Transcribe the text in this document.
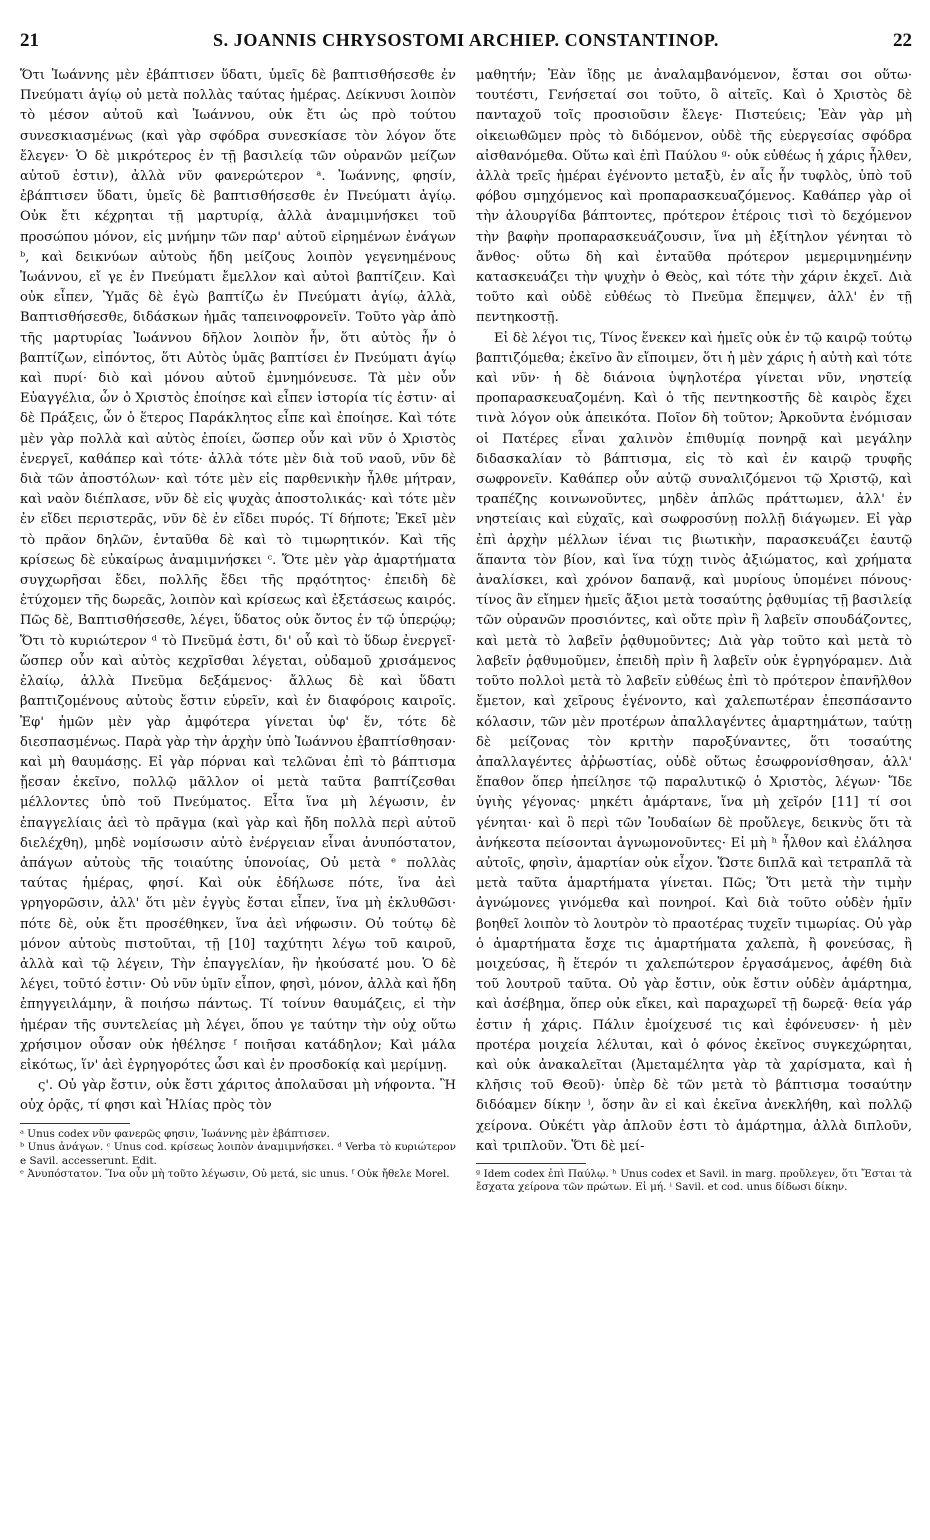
21	S. JOANNIS CHRYSOSTOMI ARCHIEP. CONSTANTINOP.	22

Ὅτι Ἰωάννης μὲν ἐβάπτισεν ὕδατι, ὑμεῖς δὲ βαπτισθήσεσθε ἐν Πνεύματι ἁγίῳ οὐ μετὰ πολλὰς ταύτας ἡμέρας. Δείκνυσι λοιπὸν τὸ μέσον αὐτοῦ καὶ Ἰωάννου, οὐκ ἔτι ὡς πρὸ τούτου συνεσκιασμένως (καὶ γὰρ σφόδρα συνεσκίασε τὸν λόγον ὅτε ἔλεγεν· Ὁ δὲ μικρότερος ἐν τῇ βασιλείᾳ τῶν οὐρανῶν μείζων αὐτοῦ ἐστιν), ἀλλὰ νῦν φανερώτερον ᵃ. Ἰωάννης, φησίν, ἐβάπτισεν ὕδατι, ὑμεῖς δὲ βαπτισθήσεσθε ἐν Πνεύματι ἁγίῳ. Οὐκ ἔτι κέχρηται τῇ μαρτυρίᾳ, ἀλλὰ ἀναμιμνήσκει τοῦ προσώπου μόνον, εἰς μνήμην τῶν παρ' αὐτοῦ εἰρημένων ἐνάγων ᵇ, καὶ δεικνύων αὐτοὺς ἤδη μείζους λοιπὸν γεγενημένους Ἰωάννου, εἴ γε ἐν Πνεύματι ἔμελλον καὶ αὐτοὶ βαπτίζειν. Καὶ οὐκ εἶπεν, Ὑμᾶς δὲ ἐγὼ βαπτίζω ἐν Πνεύματι ἁγίῳ, ἀλλὰ, Βαπτισθήσεσθε, διδάσκων ἡμᾶς ταπεινοφρονεῖν. Τοῦτο γὰρ ἀπὸ τῆς μαρτυρίας Ἰωάννου δῆλον λοιπὸν ἦν, ὅτι αὐτὸς ἦν ὁ βαπτίζων, εἰπόντος, ὅτι Αὐτὸς ὑμᾶς βαπτίσει ἐν Πνεύματι ἁγίῳ καὶ πυρί· διὸ καὶ μόνου αὐτοῦ ἐμνημόνευσε. Τὰ μὲν οὖν Εὐαγγέλια, ὧν ὁ Χριστὸς ἐποίησε καὶ εἶπεν ἱστορία τίς ἐστιν· αἱ δὲ Πράξεις, ὧν ὁ ἕτερος Παράκλητος εἶπε καὶ ἐποίησε. Καὶ τότε μὲν γὰρ πολλὰ καὶ αὐτὸς ἐποίει, ὥσπερ οὖν καὶ νῦν ὁ Χριστὸς ἐνεργεῖ, καθάπερ καὶ τότε· ἀλλὰ τότε μὲν διὰ τοῦ ναοῦ, νῦν δὲ διὰ τῶν ἀποστόλων· καὶ τότε μὲν εἰς παρθενικὴν ἦλθε μήτραν, καὶ ναὸν διέπλασε, νῦν δὲ εἰς ψυχὰς ἀποστολικάς· καὶ τότε μὲν ἐν εἴδει περιστερᾶς, νῦν δὲ ἐν εἴδει πυρός. Τί δήποτε; Ἐκεῖ μὲν τὸ πρᾶον δηλῶν, ἐνταῦθα δὲ καὶ τὸ τιμωρητικόν. Καὶ τῆς κρίσεως δὲ εὐκαίρως ἀναμιμνήσκει ᶜ. Ὅτε μὲν γὰρ ἁμαρτήματα συγχωρῆσαι ἔδει, πολλῆς ἔδει τῆς πρᾳότητος· ἐπειδὴ δὲ ἐτύχομεν τῆς δωρεᾶς, λοιπὸν καὶ κρίσεως καὶ ἐξετάσεως καιρός. Πῶς δὲ, Βαπτισθήσεσθε, λέγει, ὕδατος οὐκ ὄντος ἐν τῷ ὑπερῴῳ; Ὅτι τὸ κυριώτερον ᵈ τὸ Πνεῦμά ἐστι, δι' οὗ καὶ τὸ ὕδωρ ἐνεργεῖ· ὥσπερ οὖν καὶ αὐτὸς κεχρῖσθαι λέγεται, οὐδαμοῦ χρισάμενος ἐλαίῳ, ἀλλὰ Πνεῦμα δεξάμενος· ἄλλως δὲ καὶ ὕδατι βαπτιζομένους αὐτοὺς ἔστιν εὑρεῖν, καὶ ἐν διαφόροις καιροῖς. Ἐφ' ἡμῶν μὲν γὰρ ἀμφότερα γίνεται ὑφ' ἕν, τότε δὲ διεσπασμένως. Παρὰ γὰρ τὴν ἀρχὴν ὑπὸ Ἰωάννου ἐβαπτίσθησαν· καὶ μὴ θαυμάσῃς. Εἰ γὰρ πόρναι καὶ τελῶναι ἐπὶ τὸ βάπτισμα ᾔεσαν ἐκεῖνο, πολλῷ μᾶλλον οἱ μετὰ ταῦτα βαπτίζεσθαι μέλλοντες ὑπὸ τοῦ Πνεύματος. Εἶτα ἵνα μὴ λέγωσιν, ἐν ἐπαγγελίαις ἀεὶ τὸ πρᾶγμα (καὶ γὰρ καὶ ἤδη πολλὰ περὶ αὐτοῦ διελέχθη), μηδὲ νομίσωσιν αὐτὸ ἐνέργειαν εἶναι ἀνυπόστατον, ἀπάγων αὐτοὺς τῆς τοιαύτης ὑπονοίας, Οὐ μετὰ ᵉ πολλὰς ταύτας ἡμέρας, φησί. Καὶ οὐκ ἐδήλωσε πότε, ἵνα ἀεὶ γρηγορῶσιν, ἀλλ' ὅτι μὲν ἐγγὺς ἔσται εἶπεν, ἵνα μὴ ἐκλυθῶσι· πότε δὲ, οὐκ ἔτι προσέθηκεν, ἵνα ἀεὶ νήφωσιν. Οὐ τούτῳ δὲ μόνον αὐτοὺς πιστοῦται, τῇ [10] ταχύτητι λέγω τοῦ καιροῦ, ἀλλὰ καὶ τῷ λέγειν, Τὴν ἐπαγγελίαν, ἣν ἠκούσατέ μου. Ὁ δὲ λέγει, τοῦτό ἐστιν· Οὐ νῦν ὑμῖν εἶπον, φησὶ, μόνον, ἀλλὰ καὶ ἤδη ἐπηγγειλάμην, ἃ ποιήσω πάντως. Τί τοίνυν θαυμάζεις, εἰ τὴν ἡμέραν τῆς συντελείας μὴ λέγει, ὅπου γε ταύτην τὴν οὐχ οὕτω χρήσιμον οὖσαν οὐκ ἠθέλησε ᶠ ποιῆσαι κατάδηλον; Καὶ μάλα εἰκότως, ἵν' ἀεὶ ἐγρηγορότες ὦσι καὶ ἐν προσδοκίᾳ καὶ μερίμνῃ.

ς'. Οὐ γὰρ ἔστιν, οὐκ ἔστι χάριτος ἀπολαῦσαι μὴ νήφοντα. Ἢ οὐχ ὁρᾷς, τί φησι καὶ Ἠλίας πρὸς τὸν

ᵃ Unus codex νῦν φανερῶς φησιν, Ἰωάννης μὲν ἐβάπτισεν.

ᵇ Unus ἀνάγων. ᶜ Unus cod. κρίσεως λοιπὸν ἀναμιμνήσκει. ᵈ Verba τὸ κυριώτερον e Savil. accesserunt. Edit.

ᵉ Ἀνυπόστατον. Ἵνα οὖν μὴ τοῦτο λέγωσιν, Οὐ μετά, sic unus. ᶠ Οὐκ ἤθελε Morel.

μαθητήν; Ἐὰν ἴδῃς με ἀναλαμβανόμενον, ἔσται σοι οὕτω· τουτέστι, Γενήσεταί σοι τοῦτο, ὃ αἰτεῖς. Καὶ ὁ Χριστὸς δὲ πανταχοῦ τοῖς προσιοῦσιν ἔλεγε· Πιστεύεις; Ἐὰν γὰρ μὴ οἰκειωθῶμεν πρὸς τὸ διδόμενον, οὐδὲ τῆς εὐεργεσίας σφόδρα αἰσθανόμεθα. Οὕτω καὶ ἐπὶ Παύλου ᵍ· οὐκ εὐθέως ἡ χάρις ἦλθεν, ἀλλὰ τρεῖς ἡμέραι ἐγένοντο μεταξὺ, ἐν αἷς ἦν τυφλὸς, ὑπὸ τοῦ φόβου σμηχόμενος καὶ προπαρασκευαζόμενος. Καθάπερ γὰρ οἱ τὴν ἁλουργίδα βάπτοντες, πρότερον ἑτέροις τισὶ τὸ δεχόμενον τὴν βαφὴν προπαρασκευάζουσιν, ἵνα μὴ ἐξίτηλον γένηται τὸ ἄνθος· οὕτω δὴ καὶ ἐνταῦθα πρότερον μεμεριμνημένην κατασκευάζει τὴν ψυχὴν ὁ Θεὸς, καὶ τότε τὴν χάριν ἐκχεῖ. Διὰ τοῦτο καὶ οὐδὲ εὐθέως τὸ Πνεῦμα ἔπεμψεν, ἀλλ' ἐν τῇ πεντηκοστῇ.

Εἰ δὲ λέγοι τις, Τίνος ἕνεκεν καὶ ἡμεῖς οὐκ ἐν τῷ καιρῷ τούτῳ βαπτιζόμεθα; ἐκεῖνο ἂν εἴποιμεν, ὅτι ἡ μὲν χάρις ἡ αὐτὴ καὶ τότε καὶ νῦν· ἡ δὲ διάνοια ὑψηλοτέρα γίνεται νῦν, νηστείᾳ προπαρασκευαζομένη. Καὶ ὁ τῆς πεντηκοστῆς δὲ καιρὸς ἔχει τινὰ λόγον οὐκ ἀπεικότα. Ποῖον δὴ τοῦτον; Ἀρκοῦντα ἐνόμισαν οἱ Πατέρες εἶναι χαλινὸν ἐπιθυμίᾳ πονηρᾷ καὶ μεγάλην διδασκαλίαν τὸ βάπτισμα, εἰς τὸ καὶ ἐν καιρῷ τρυφῆς σωφρονεῖν. Καθάπερ οὖν αὐτῷ συναλιζόμενοι τῷ Χριστῷ, καὶ τραπέζης κοινωνοῦντες, μηδὲν ἁπλῶς πράττωμεν, ἀλλ' ἐν νηστείαις καὶ εὐχαῖς, καὶ σωφροσύνῃ πολλῇ διάγωμεν. Εἰ γὰρ ἐπὶ ἀρχὴν μέλλων ἰέναι τις βιωτικὴν, παρασκευάζει ἑαυτῷ ἅπαντα τὸν βίον, καὶ ἵνα τύχῃ τινὸς ἀξιώματος, καὶ χρήματα ἀναλίσκει, καὶ χρόνον δαπανᾷ, καὶ μυρίους ὑπομένει πόνους· τίνος ἂν εἴημεν ἡμεῖς ἄξιοι μετὰ τοσαύτης ῥᾳθυμίας τῇ βασιλείᾳ τῶν οὐρανῶν προσιόντες, καὶ οὔτε πρὶν ἢ λαβεῖν σπουδάζοντες, καὶ μετὰ τὸ λαβεῖν ῥᾳθυμοῦντες; Διὰ γὰρ τοῦτο καὶ μετὰ τὸ λαβεῖν ῥᾳθυμοῦμεν, ἐπειδὴ πρὶν ἢ λαβεῖν οὐκ ἐγρηγόραμεν. Διὰ τοῦτο πολλοὶ μετὰ τὸ λαβεῖν εὐθέως ἐπὶ τὸ πρότερον ἐπανῆλθον ἔμετον, καὶ χεῖρους ἐγένοντο, καὶ χαλεπωτέραν ἐπεσπάσαντο κόλασιν, τῶν μὲν προτέρων ἀπαλλαγέντες ἁμαρτημάτων, ταύτῃ δὲ μείζονας τὸν κριτὴν παροξύναντες, ὅτι τοσαύτης ἀπαλλαγέντες ἀῤῥωστίας, οὐδὲ οὕτως ἐσωφρονίσθησαν, ἀλλ' ἔπαθον ὅπερ ἠπείλησε τῷ παραλυτικῷ ὁ Χριστὸς, λέγων· Ἴδε ὑγιὴς γέγονας· μηκέτι ἁμάρτανε, ἵνα μὴ χεῖρόν [11] τί σοι γένηται· καὶ ὃ περὶ τῶν Ἰουδαίων δὲ προὔλεγε, δεικνὺς ὅτι τὰ ἀνήκεστα πείσονται ἀγνωμονοῦντες· Εἰ μὴ ʰ ἦλθον καὶ ἐλάλησα αὐτοῖς, φησὶν, ἁμαρτίαν οὐκ εἶχον. Ὥστε διπλᾶ καὶ τετραπλᾶ τὰ μετὰ ταῦτα ἁμαρτήματα γίνεται. Πῶς; Ὅτι μετὰ τὴν τιμὴν ἀγνώμονες γινόμεθα καὶ πονηροί. Καὶ διὰ τοῦτο οὐδὲν ἡμῖν βοηθεῖ λοιπὸν τὸ λουτρὸν τὸ πραοτέρας τυχεῖν τιμωρίας. Οὐ γὰρ ὁ ἁμαρτήματα ἔσχε τις ἁμαρτήματα χαλεπὰ, ἢ φονεύσας, ἢ μοιχεύσας, ἢ ἕτερόν τι χαλεπώτερον ἐργασάμενος, ἀφέθη διὰ τοῦ λουτροῦ ταῦτα. Οὐ γὰρ ἔστιν, οὐκ ἔστιν οὐδὲν ἁμάρτημα, καὶ ἀσέβημα, ὅπερ οὐκ εἴκει, καὶ παραχωρεῖ τῇ δωρεᾷ· θεία γάρ ἐστιν ἡ χάρις. Πάλιν ἐμοίχευσέ τις καὶ ἐφόνευσεν· ἡ μὲν προτέρα μοιχεία λέλυται, καὶ ὁ φόνος ἐκεῖνος συγκεχώρηται, καὶ οὐκ ἀνακαλεῖται (Ἀμεταμέλητα γὰρ τὰ χαρίσματα, καὶ ἡ κλῆσις τοῦ Θεοῦ)· ὑπὲρ δὲ τῶν μετὰ τὸ βάπτισμα τοσαύτην διδόαμεν δίκην ⁱ, ὅσην ἂν εἰ καὶ ἐκεῖνα ἀνεκλήθη, καὶ πολλῷ χείρονα. Οὐκέτι γὰρ ἁπλοῦν ἐστι τὸ ἁμάρτημα, ἀλλὰ διπλοῦν, καὶ τριπλοῦν. Ὅτι δὲ μεί-

ᵍ Idem codex ἐπὶ Παύλῳ. ʰ Unus codex et Savil. in marg. προὔλεγεν, ὅτι Ἔσται τὰ ἔσχατα χείρονα τῶν πρώτων. Εἰ μή. ⁱ Savil. et cod. unus δίδωσι δίκην.
